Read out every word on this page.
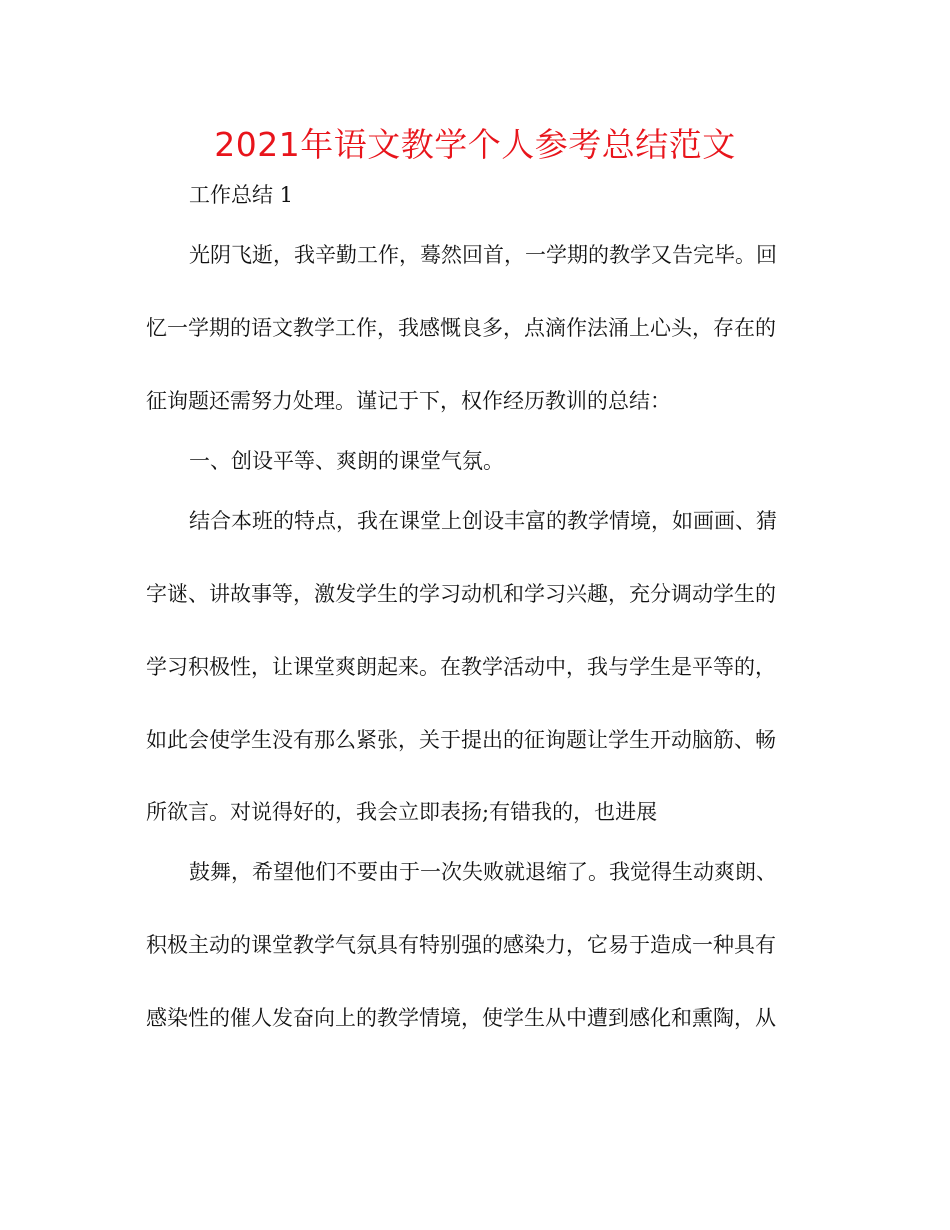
2021年语文教学个人参考总结范文

工作总结 1

光阴飞逝，我辛勤工作，蓦然回首，一学期的教学又告完毕。回

忆一学期的语文教学工作，我感慨良多，点滴作法涌上心头，存在的

征询题还需努力处理。谨记于下，权作经历教训的总结：

一、创设平等、爽朗的课堂气氛。

结合本班的特点，我在课堂上创设丰富的教学情境，如画画、猜

字谜、讲故事等，激发学生的学习动机和学习兴趣，充分调动学生的

学习积极性，让课堂爽朗起来。在教学活动中，我与学生是平等的，

如此会使学生没有那么紧张，关于提出的征询题让学生开动脑筋、畅

所欲言。对说得好的，我会立即表扬;有错我的，也进展

鼓舞，希望他们不要由于一次失败就退缩了。我觉得生动爽朗、

积极主动的课堂教学气氛具有特别强的感染力，它易于造成一种具有

感染性的催人发奋向上的教学情境，使学生从中遭到感化和熏陶，从
